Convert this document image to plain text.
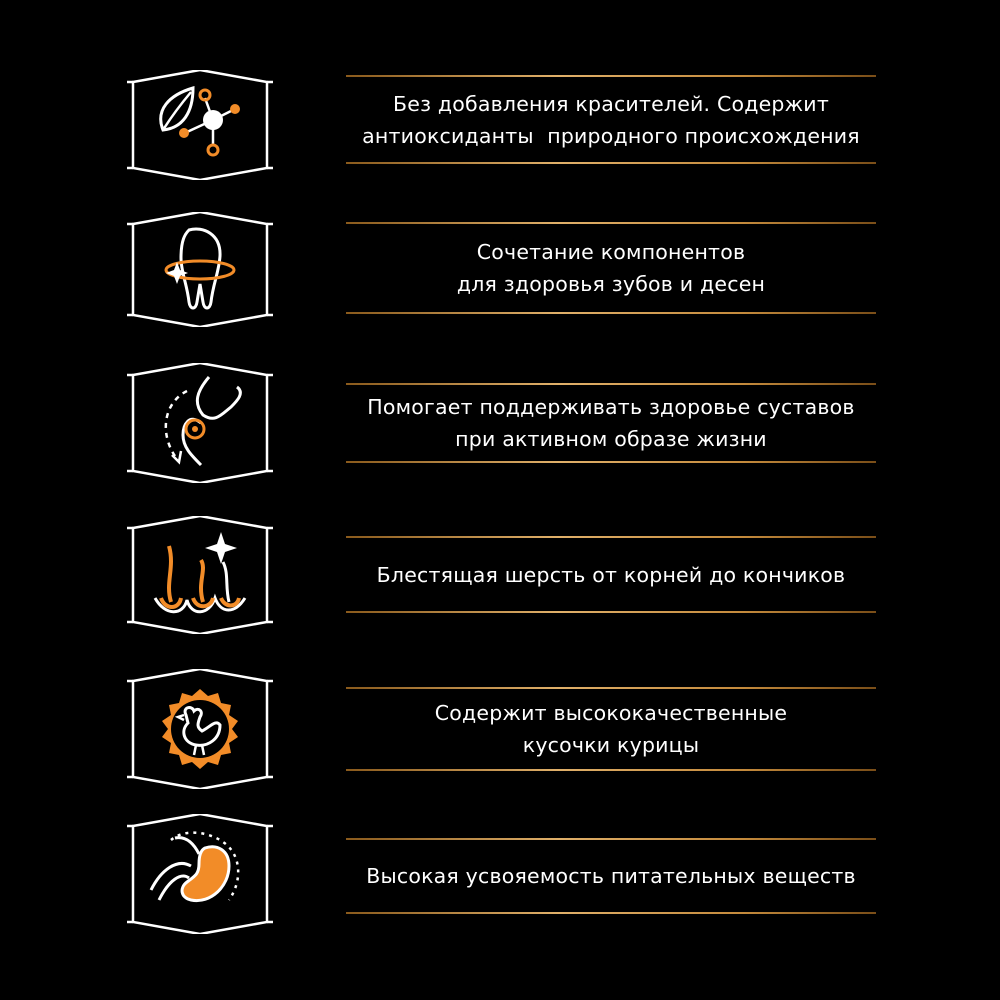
Без добавления красителей. Содержит
антиоксиданты  природного происхождения
Сочетание компонентов
для здоровья зубов и десен
Помогает поддерживать здоровье суставов
при активном образе жизни
Блестящая шерсть от корней до кончиков
Содержит высококачественные
кусочки курицы
Высокая усвояемость питательных веществ
